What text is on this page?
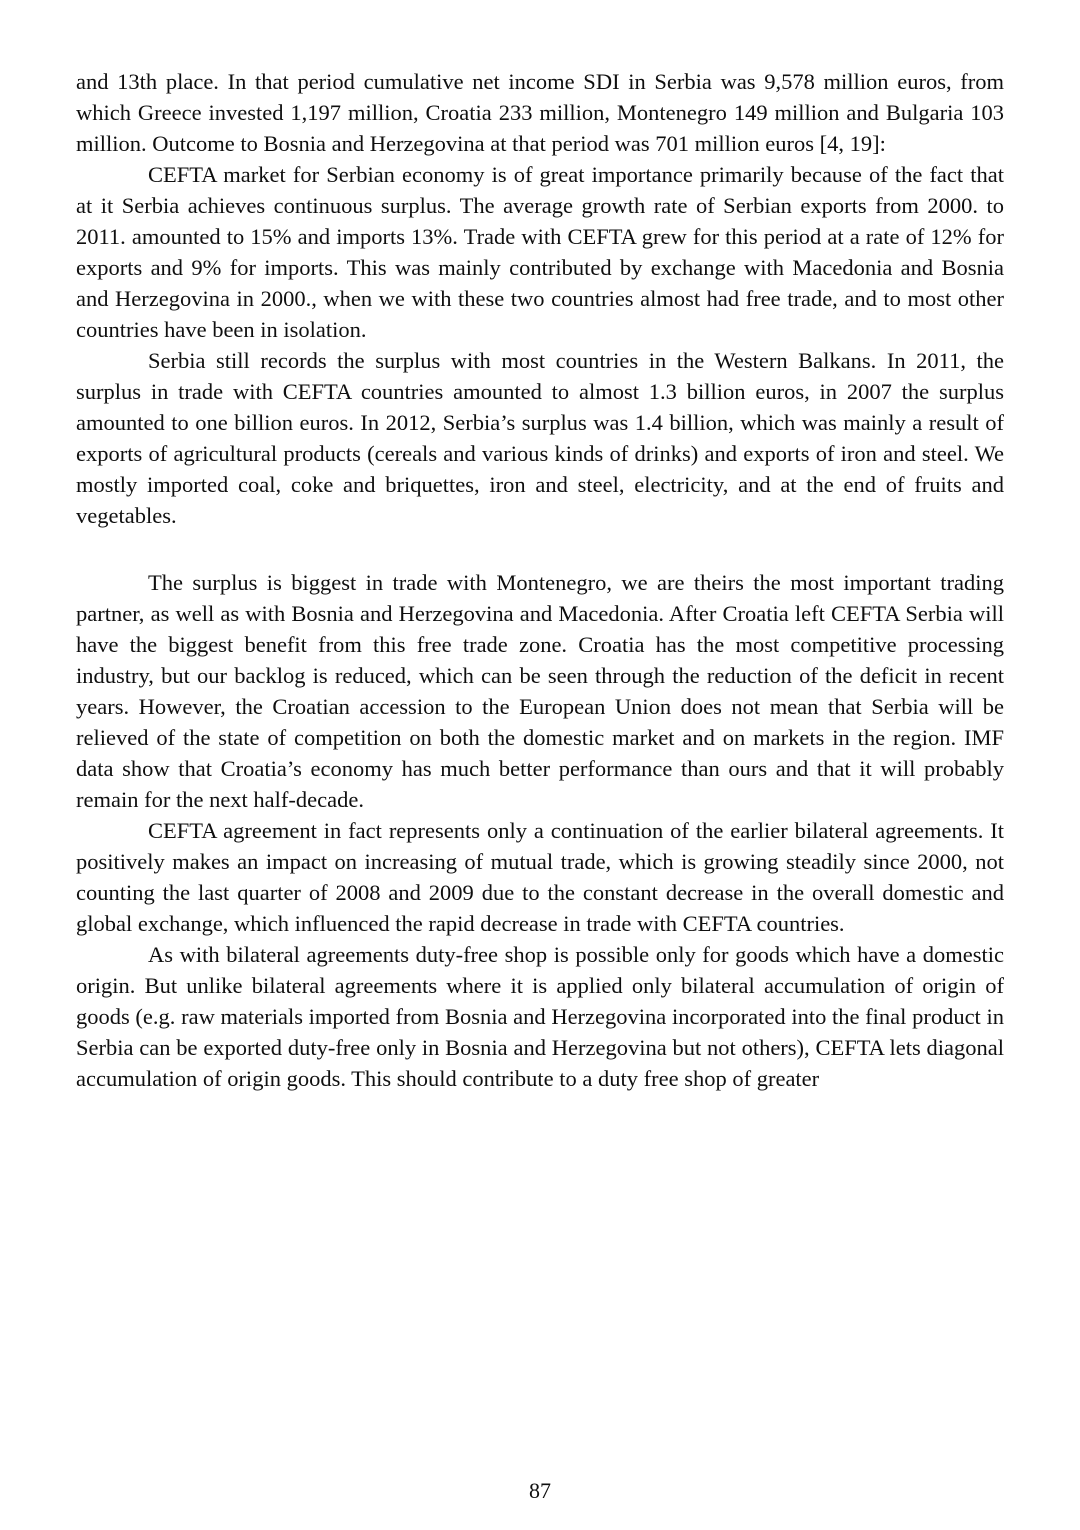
and 13th place. In that period cumulative net income SDI in Serbia was 9,578 million euros, from which Greece invested 1,197 million, Croatia 233 million, Montenegro 149 million and Bulgaria 103 million. Outcome to Bosnia and Herzegovina at that period was 701 million euros [4, 19]:

CEFTA market for Serbian economy is of great importance primarily because of the fact that at it Serbia achieves continuous surplus. The average growth rate of Serbian exports from 2000. to 2011. amounted to 15% and imports 13%. Trade with CEFTA grew for this period at a rate of 12% for exports and 9% for imports. This was mainly contributed by exchange with Macedonia and Bosnia and Herzegovina in 2000., when we with these two countries almost had free trade, and to most other countries have been in isolation.

Serbia still records the surplus with most countries in the Western Balkans. In 2011, the surplus in trade with CEFTA countries amounted to almost 1.3 billion euros, in 2007 the surplus amounted to one billion euros. In 2012, Serbia’s surplus was 1.4 billion, which was mainly a result of exports of agricultural products (cereals and various kinds of drinks) and exports of iron and steel. We mostly imported coal, coke and briquettes, iron and steel, electricity, and at the end of fruits and vegetables.

The surplus is biggest in trade with Montenegro, we are theirs the most important trading partner, as well as with Bosnia and Herzegovina and Macedonia. After Croatia left CEFTA Serbia will have the biggest benefit from this free trade zone. Croatia has the most competitive processing industry, but our backlog is reduced, which can be seen through the reduction of the deficit in recent years. However, the Croatian accession to the European Union does not mean that Serbia will be relieved of the state of competition on both the domestic market and on markets in the region. IMF data show that Croatia’s economy has much better performance than ours and that it will probably remain for the next half-decade.

CEFTA agreement in fact represents only a continuation of the earlier bilateral agreements. It positively makes an impact on increasing of mutual trade, which is growing steadily since 2000, not counting the last quarter of 2008 and 2009 due to the constant decrease in the overall domestic and global exchange, which influenced the rapid decrease in trade with CEFTA countries.

As with bilateral agreements duty-free shop is possible only for goods which have a domestic origin. But unlike bilateral agreements where it is applied only bilateral accumulation of origin of goods (e.g. raw materials imported from Bosnia and Herzegovina incorporated into the final product in Serbia can be exported duty-free only in Bosnia and Herzegovina but not others), CEFTA lets diagonal accumulation of origin goods. This should contribute to a duty free shop of greater

87
